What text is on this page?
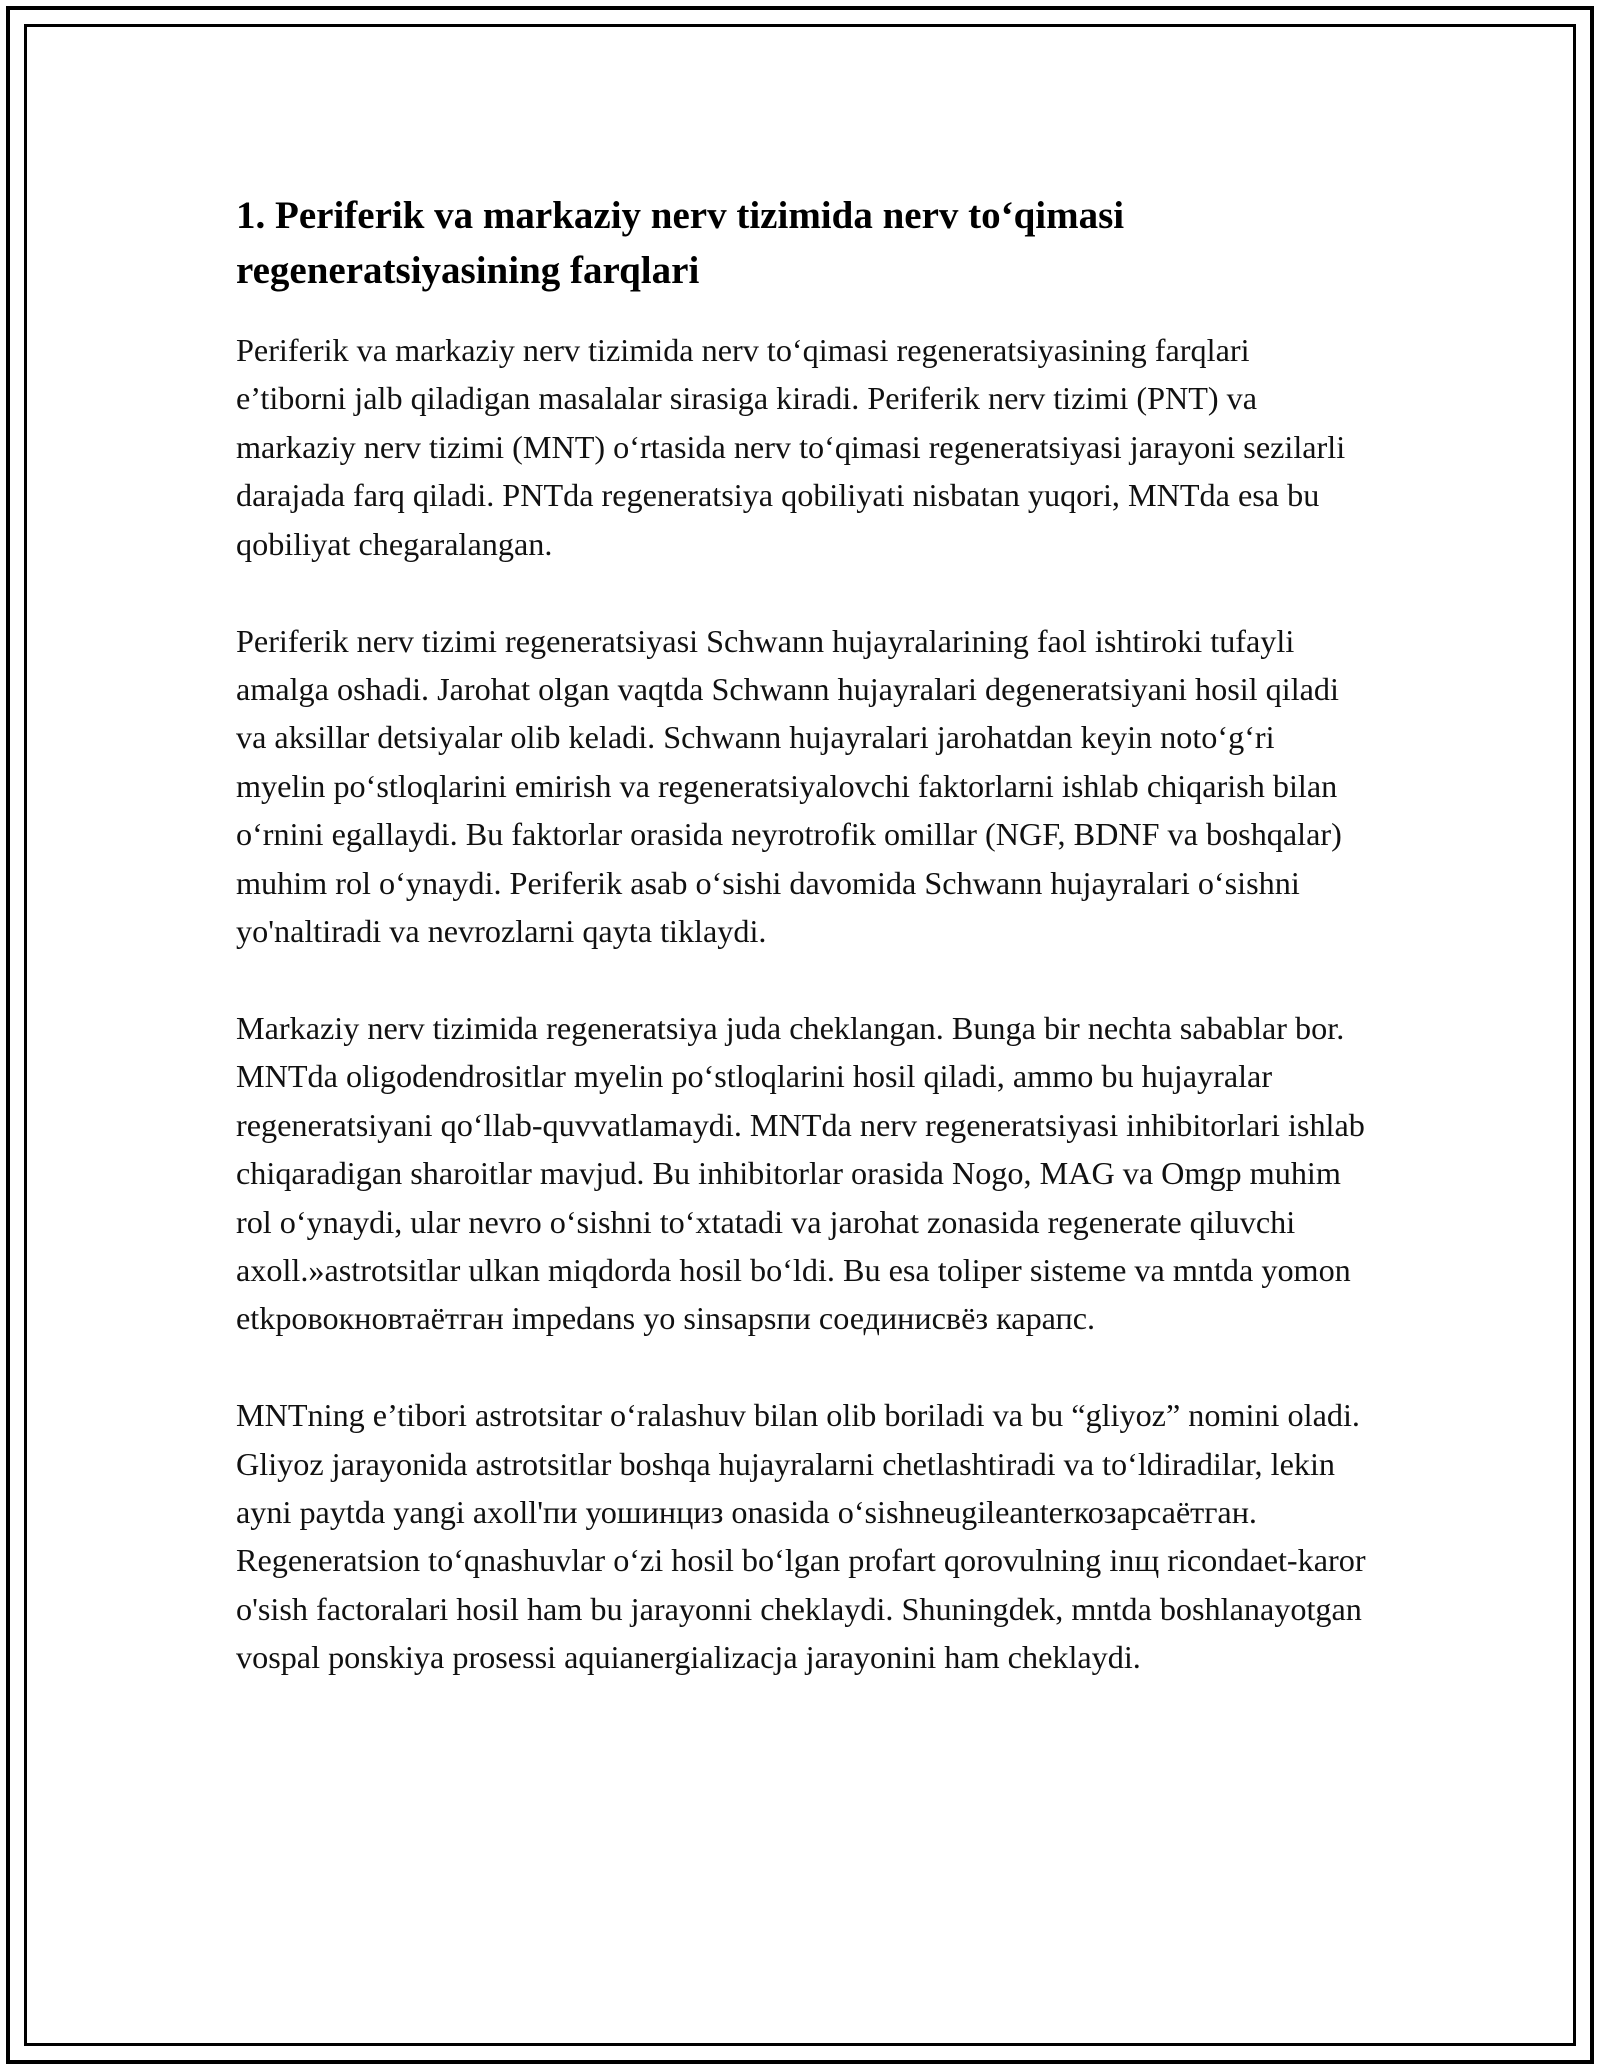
1. Periferik va markaziy nerv tizimida nerv to‘qimasi regeneratsiyasining farqlari

Periferik va markaziy nerv tizimida nerv to‘qimasi regeneratsiyasining farqlari e’tiborni jalb qiladigan masalalar sirasiga kiradi. Periferik nerv tizimi (PNT) va markaziy nerv tizimi (MNT) o‘rtasida nerv to‘qimasi regeneratsiyasi jarayoni sezilarli darajada farq qiladi. PNTda regeneratsiya qobiliyati nisbatan yuqori, MNTda esa bu qobiliyat chegaralangan.

Periferik nerv tizimi regeneratsiyasi Schwann hujayralarining faol ishtiroki tufayli amalga oshadi. Jarohat olgan vaqtda Schwann hujayralari degeneratsiyani hosil qiladi va aksillar detsiyalar olib keladi. Schwann hujayralari jarohatdan keyin noto‘g‘ri myelin po‘stloqlarini emirish va regeneratsiyalovchi faktorlarni ishlab chiqarish bilan o‘rnini egallaydi. Bu faktorlar orasida neyrotrofik omillar (NGF, BDNF va boshqalar) muhim rol o‘ynaydi. Periferik asab o‘sishi davomida Schwann hujayralari o‘sishni yo'naltiradi va nevrozlarni qayta tiklaydi.

Markaziy nerv tizimida regeneratsiya juda cheklangan. Bunga bir nechta sabablar bor. MNTda oligodendrositlar myelin po‘stloqlarini hosil qiladi, ammo bu hujayralar regeneratsiyani qo‘llab-quvvatlamaydi. MNTda nerv regeneratsiyasi inhibitorlari ishlab chiqaradigan sharoitlar mavjud. Bu inhibitorlar orasida Nogo, MAG va Omgp muhim rol o‘ynaydi, ular nevro o‘sishni to‘xtatadi va jarohat zonasida regenerate qiluvchi axoll.»astrotsitlar ulkan miqdorda hosil bo‘ldi. Bu esa toliper sisteme va mntda yomon etkровокновтаётган impedans yo sinsapsпи соединисвёз карапс.

MNTning e’tibori astrotsitar o‘ralashuv bilan olib boriladi va bu “gliyoz” nomini oladi. Gliyoz jarayonida astrotsitlar boshqa hujayralarni chetlashtiradi va to‘ldiradilar, lekin ayni paytda yangi axoll'пи уошинциз onasida o‘sishneugileanterкозарсаётган. Regeneratsion to‘qnashuvlar o‘zi hosil bo‘lgan profart qorovulning inщ ricondaet-karor o'sish factoralari hosil ham bu jarayonni cheklaydi. Shuningdek, mntda boshlanayotgan vospal ponskiya prosessi aquianergializacja jarayonini ham cheklaydi.
